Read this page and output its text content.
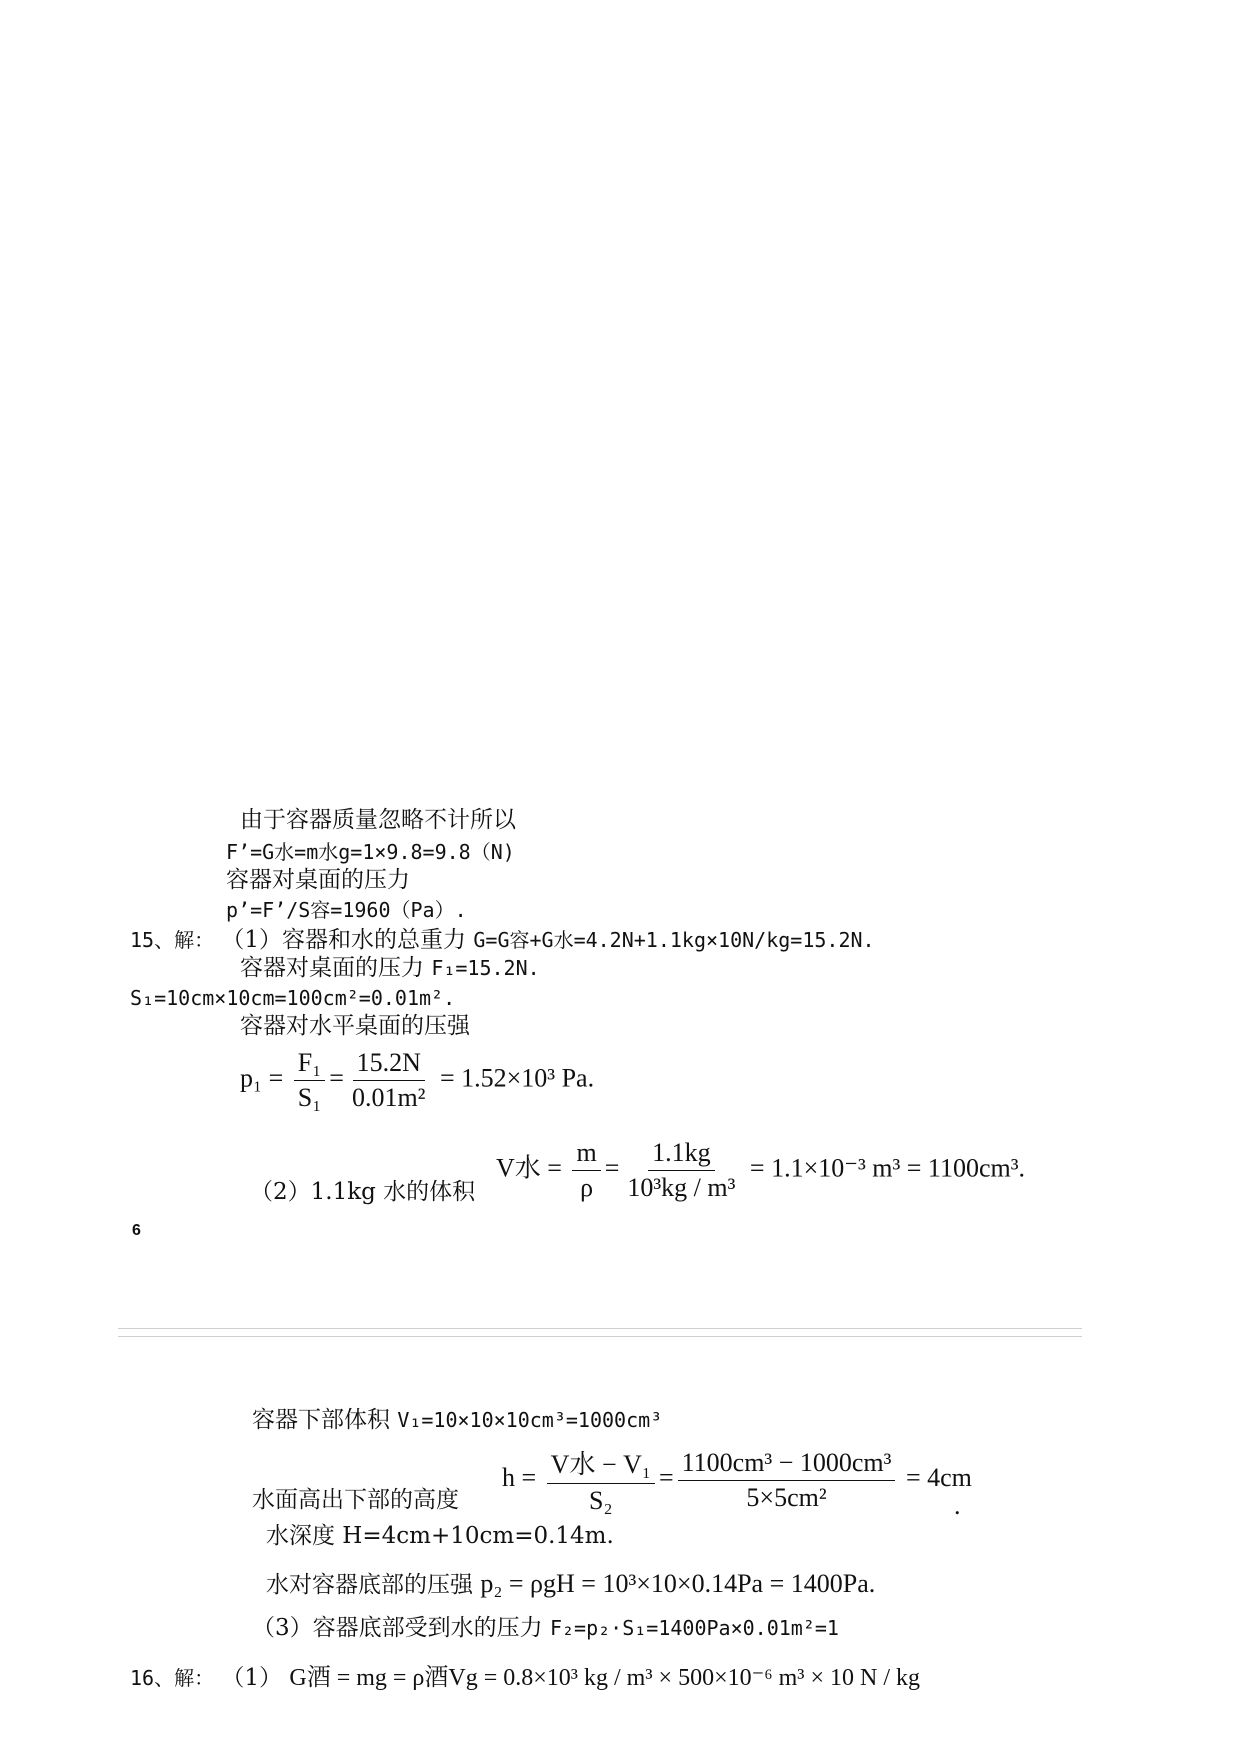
由于容器质量忽略不计所以
F’=G水=m水g=1×9.8=9.8（N)
容器对桌面的压力
p’=F’/S容=1960（Pa）.
15、解： （1）容器和水的总重力 G=G容+G水=4.2N+1.1kg×10N/kg=15.2N.
容器对桌面的压力 F₁=15.2N.
S₁=10cm×10cm=100cm²=0.01m².
容器对水平桌面的压强
$p_1 = \frac{\text{F₁}}{\text{S₁}} = \frac{15.2N}{\text{0.01m²}} = 1.52\times 10^3$ Pa.
（2）1.1kg 水的体积
V水 = $\frac{m}{\rho} = \frac{1.1kg}{\text{10³kg / m³}} = 1.1\times 10^{-3}$ m³ = 1100cm³.
6
容器下部体积 V₁=10×10×10cm³=1000cm³
水面高出下部的高度
$h = \frac{\text{V水 − V₁}}{\text{S₂}} = \frac{\text{1100cm³ − 1000cm³}}{\text{5×5cm²}} = 4cm$
.
水深度 H=4cm+10cm=0.14m.
水对容器底部的压强 p₂ = ρgH = 10³×10×0.14Pa = 1400Pa.
（3）容器底部受到水的压力 F₂=p₂·S₁=1400Pa×0.01m²=1
16、解： （1） G酒 = mg = ρ酒Vg = 0.8×10³ kg / m³ × 500×10⁻⁶ m³ × 10 N / kg
